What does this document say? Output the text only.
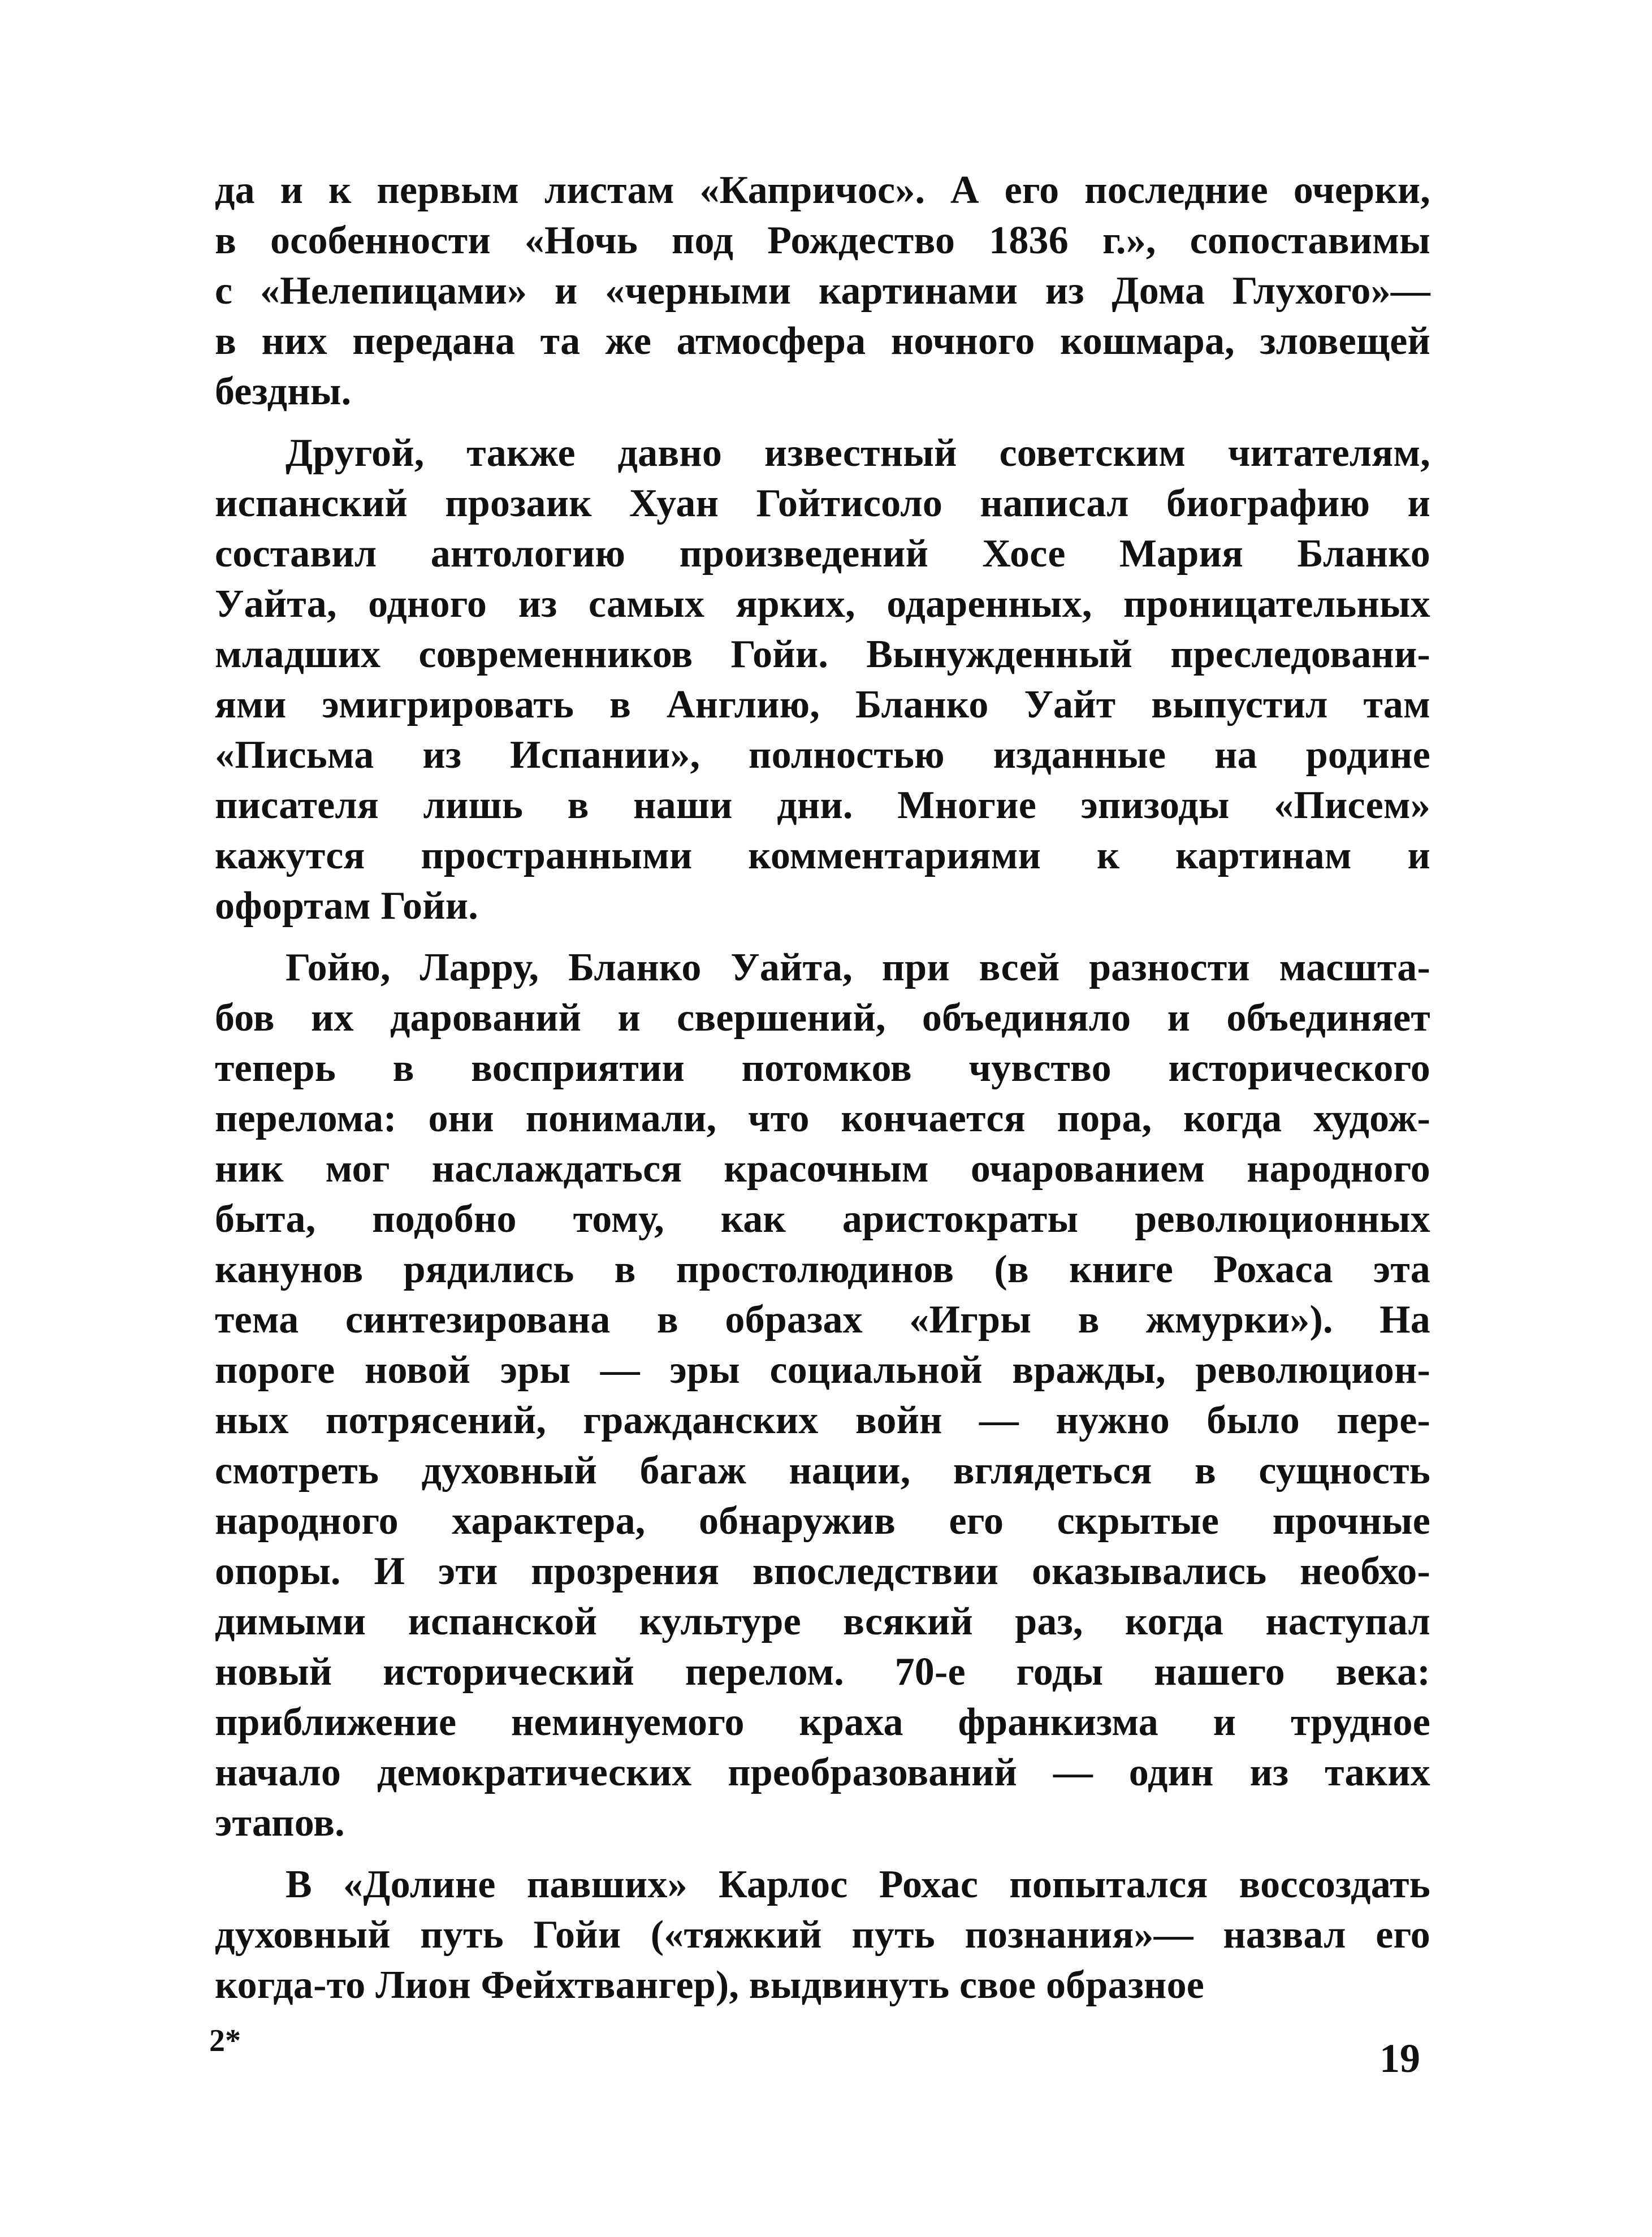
да и к первым листам «Капричос». А его последние очерки,
в особенности «Ночь под Рождество 1836 г.», сопоставимы
с «Нелепицами» и «черными картинами из Дома Глухого»—
в них передана та же атмосфера ночного кошмара, зловещей
бездны.

Другой, также давно известный советским читателям,
испанский прозаик Хуан Гойтисоло написал биографию и
составил антологию произведений Хосе Мария Бланко
Уайта, одного из самых ярких, одаренных, проницательных
младших современников Гойи. Вынужденный преследовани-
ями эмигрировать в Англию, Бланко Уайт выпустил там
«Письма из Испании», полностью изданные на родине
писателя лишь в наши дни. Многие эпизоды «Писем»
кажутся пространными комментариями к картинам и
офортам Гойи.

Гойю, Ларру, Бланко Уайта, при всей разности масшта-
бов их дарований и свершений, объединяло и объединяет
теперь в восприятии потомков чувство исторического
перелома: они понимали, что кончается пора, когда худож-
ник мог наслаждаться красочным очарованием народного
быта, подобно тому, как аристократы революционных
канунов рядились в простолюдинов (в книге Рохаса эта
тема синтезирована в образах «Игры в жмурки»). На
пороге новой эры — эры социальной вражды, революцион-
ных потрясений, гражданских войн — нужно было пере-
смотреть духовный багаж нации, вглядеться в сущность
народного характера, обнаружив его скрытые прочные
опоры. И эти прозрения впоследствии оказывались необхо-
димыми испанской культуре всякий раз, когда наступал
новый исторический перелом. 70-е годы нашего века:
приближение неминуемого краха франкизма и трудное
начало демократических преобразований — один из таких
этапов.

В «Долине павших» Карлос Рохас попытался воссоздать
духовный путь Гойи («тяжкий путь познания»— назвал его
когда-то Лион Фейхтвангер), выдвинуть свое образное

2*	19
